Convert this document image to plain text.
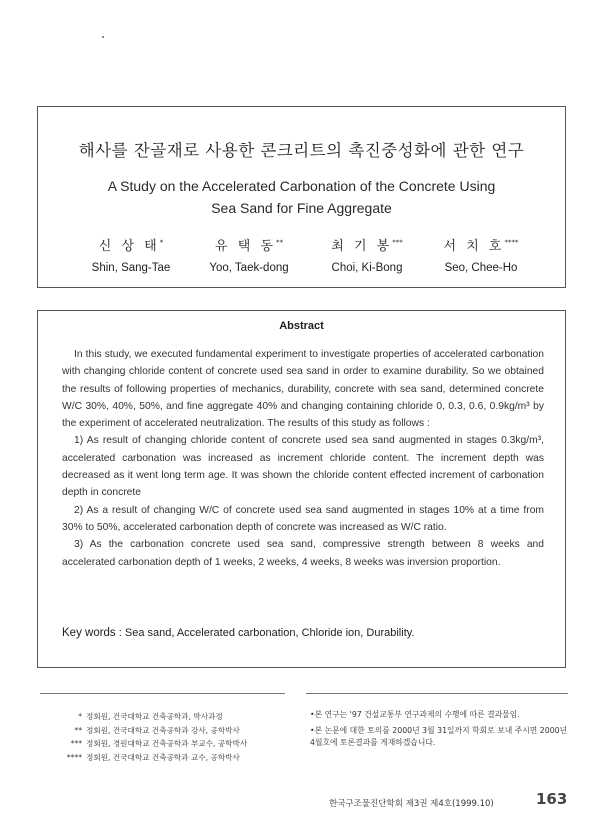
해사를 잔골재로 사용한 콘크리트의 촉진중성화에 관한 연구
A Study on the Accelerated Carbonation of the Concrete Using
Sea Sand for Fine Aggregate
신 상 태*
Shin, Sang-Tae
유 택 동**
Yoo, Taek-dong
최 기 봉***
Choi, Ki-Bong
서 치 호****
Seo, Chee-Ho
Abstract

In this study, we executed fundamental experiment to investigate properties of accelerated carbonation with changing chloride content of concrete used sea sand in order to examine durability. So we obtained the results of following properties of mechanics, durability, concrete with sea sand, determined concrete W/C 30%, 40%, 50%, and fine aggregate 40% and changing containing chloride 0, 0.3, 0.6, 0.9kg/m³ by the experiment of accelerated neutralization. The results of this study as follows :

1) As result of changing chloride content of concrete used sea sand augmented in stages 0.3kg/m³, accelerated carbonation was increased as increment chloride content. The increment depth was decreased as it went long term age. It was shown the chloride content effected increment of carbonation depth in concrete

2) As a result of changing W/C of concrete used sea sand augmented in stages 10% at a time from 30% to 50%, accelerated carbonation depth of concrete was increased as W/C ratio.

3) As the carbonation concrete used sea sand, compressive strength between 8 weeks and accelerated carbonation depth of 1 weeks, 2 weeks, 4 weeks, 8 weeks was inversion proportion.

Key words : Sea sand, Accelerated carbonation, Chloride ion, Durability.
* 정회원, 건국대학교 건축공학과, 박사과정
** 정회원, 건국대학교 건축공학과 강사, 공학박사
*** 정회원, 경원대학교 건축공학과 부교수, 공학박사
**** 정회원, 건국대학교 건축공학과 교수, 공학박사
•본 연구는 '97 건설교통부 연구과제의 수행에 따른 결과물임.
•본 논문에 대한 토의를 2000년 3월 31일까지 학회로 보내 주시면 2000년 4월호에 토론결과를 게재하겠습니다.
한국구조물진단학회 제3권 제4호(1999.10)	163
